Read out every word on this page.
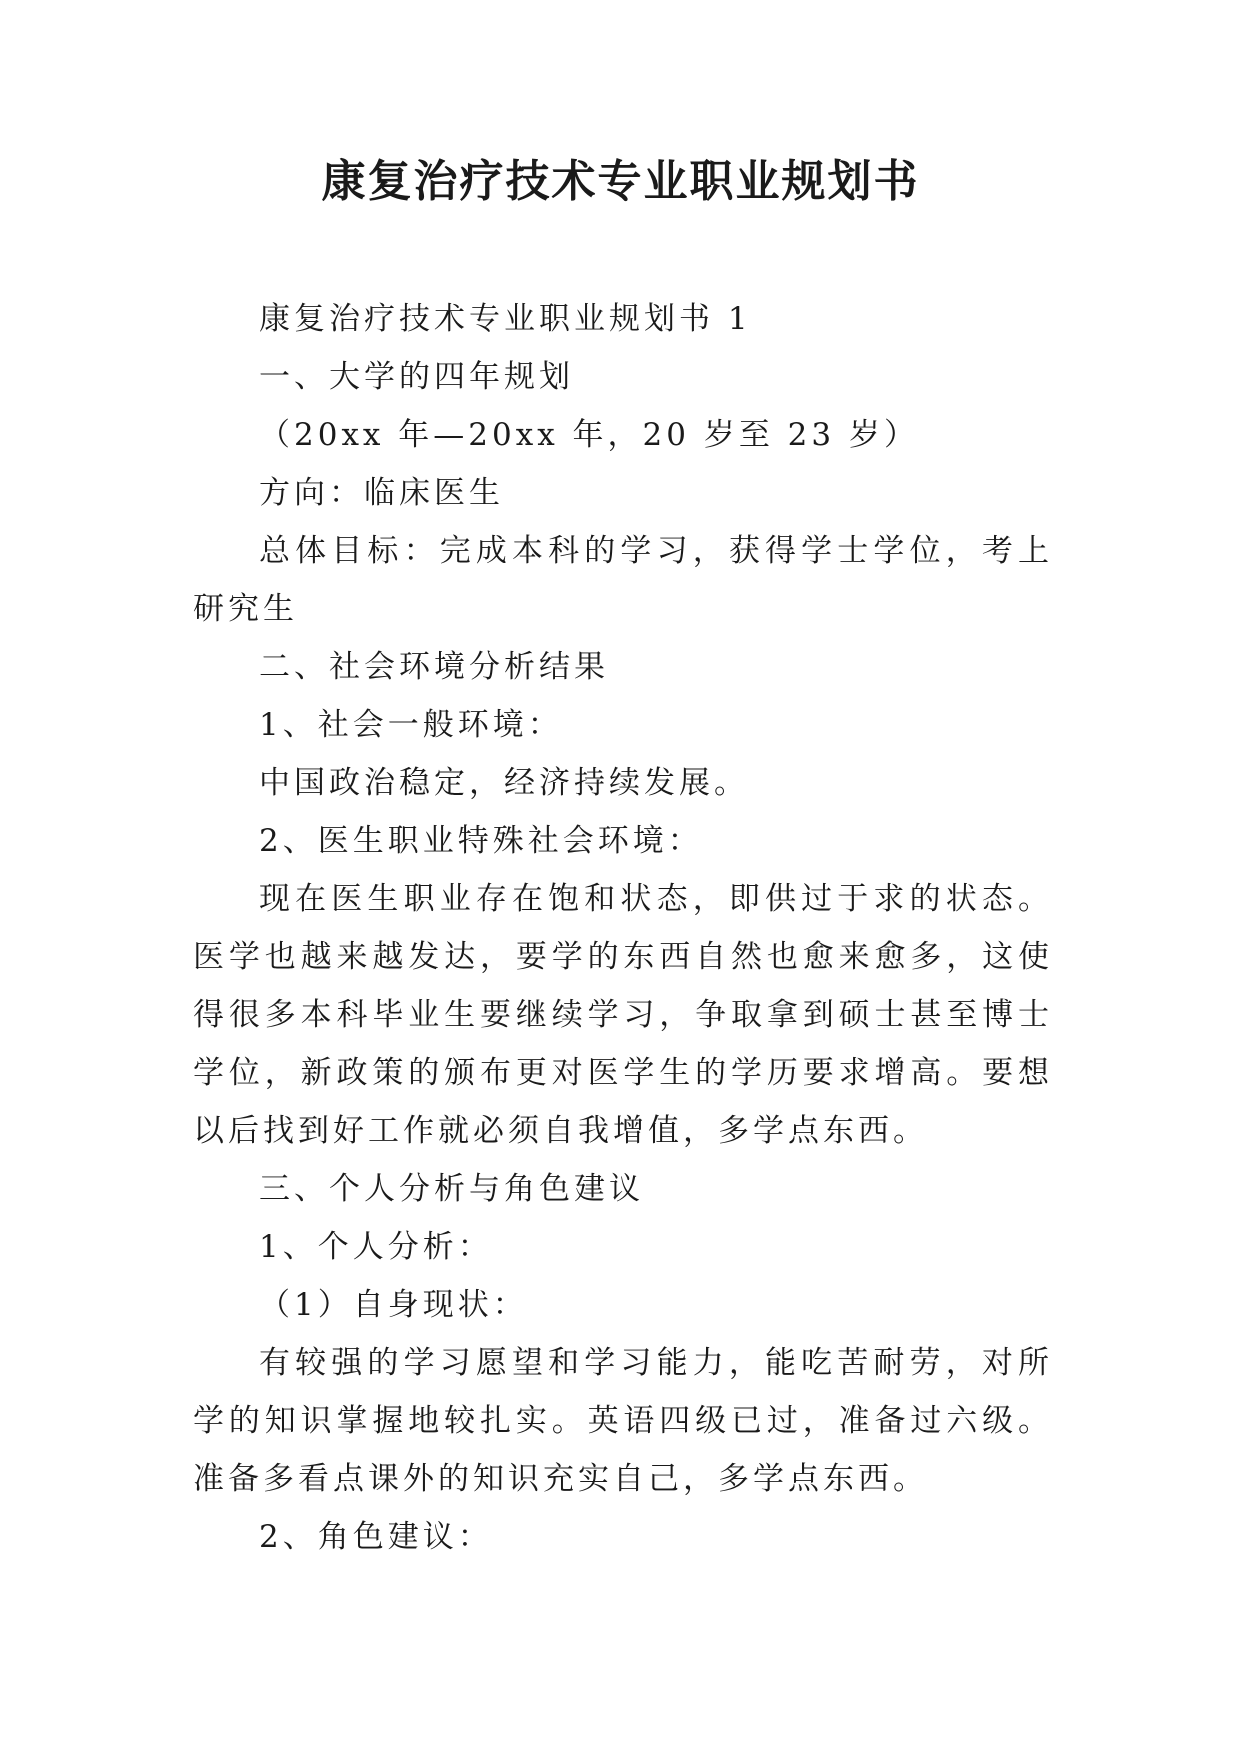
康复治疗技术专业职业规划书

康复治疗技术专业职业规划书 1

一、大学的四年规划

（20xx 年—20xx 年，20 岁至 23 岁）

方向：临床医生

总体目标：完成本科的学习，获得学士学位，考上研究生

二、社会环境分析结果

1、社会一般环境：

中国政治稳定，经济持续发展。

2、医生职业特殊社会环境：

现在医生职业存在饱和状态，即供过于求的状态。医学也越来越发达，要学的东西自然也愈来愈多，这使得很多本科毕业生要继续学习，争取拿到硕士甚至博士学位，新政策的颁布更对医学生的学历要求增高。要想以后找到好工作就必须自我增值，多学点东西。

三、个人分析与角色建议

1、个人分析：

（1）自身现状：

有较强的学习愿望和学习能力，能吃苦耐劳，对所学的知识掌握地较扎实。英语四级已过，准备过六级。准备多看点课外的知识充实自己，多学点东西。

2、角色建议：
